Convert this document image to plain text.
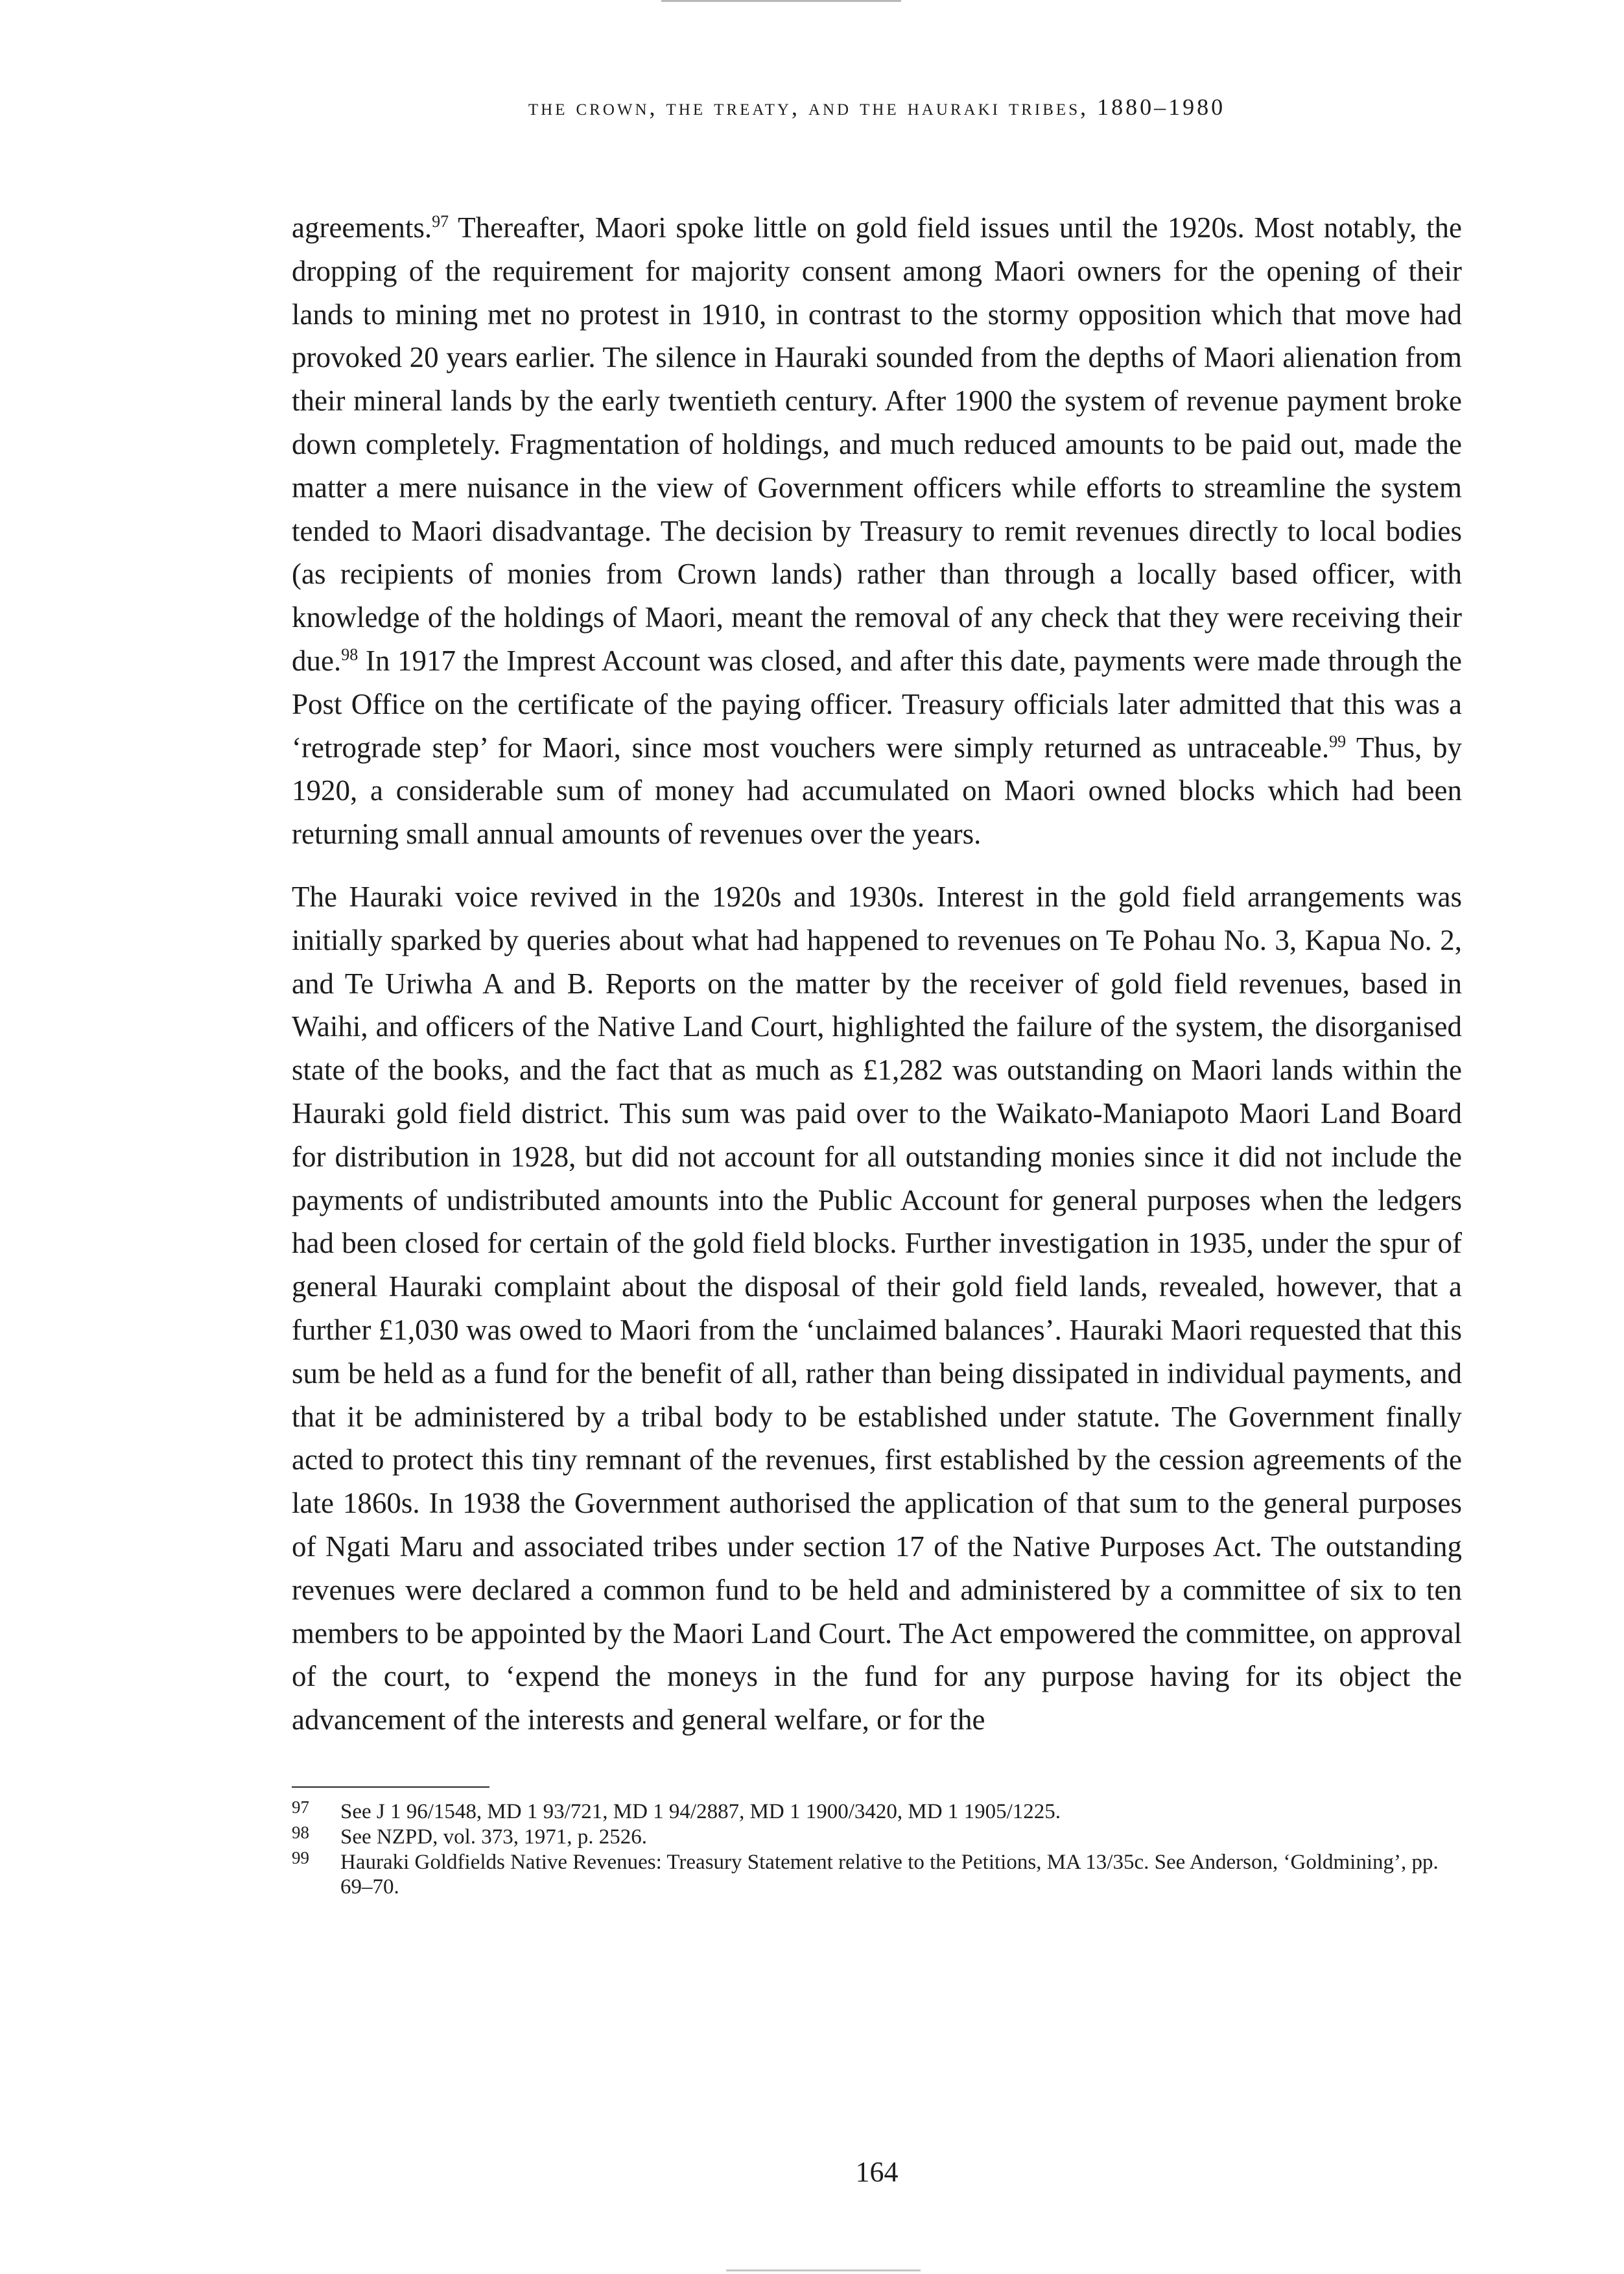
the crown, the treaty, and the hauraki tribes, 1880–1980

agreements.$^{97}$ Thereafter, Maori spoke little on gold field issues until the 1920s. Most notably, the dropping of the requirement for majority consent among Maori owners for the opening of their lands to mining met no protest in 1910, in contrast to the stormy opposition which that move had provoked 20 years earlier. The silence in Hauraki sounded from the depths of Maori alienation from their mineral lands by the early twentieth century. After 1900 the system of revenue payment broke down completely. Fragmentation of holdings, and much reduced amounts to be paid out, made the matter a mere nuisance in the view of Government officers while efforts to streamline the system tended to Maori disadvantage. The decision by Treasury to remit revenues directly to local bodies (as recipients of monies from Crown lands) rather than through a locally based officer, with knowledge of the holdings of Maori, meant the removal of any check that they were receiving their due.$^{98}$ In 1917 the Imprest Account was closed, and after this date, payments were made through the Post Office on the certificate of the paying officer. Treasury officials later admitted that this was a ‘retrograde step’ for Maori, since most vouchers were simply returned as untraceable.$^{99}$ Thus, by 1920, a considerable sum of money had accumulated on Maori owned blocks which had been returning small annual amounts of revenues over the years.

The Hauraki voice revived in the 1920s and 1930s. Interest in the gold field arrangements was initially sparked by queries about what had happened to revenues on Te Pohau No. 3, Kapua No. 2, and Te Uriwha A and B. Reports on the matter by the receiver of gold field revenues, based in Waihi, and officers of the Native Land Court, highlighted the failure of the system, the disorganised state of the books, and the fact that as much as £1,282 was outstanding on Maori lands within the Hauraki gold field district. This sum was paid over to the Waikato-Maniapoto Maori Land Board for distribution in 1928, but did not account for all outstanding monies since it did not include the payments of undistributed amounts into the Public Account for general purposes when the ledgers had been closed for certain of the gold field blocks. Further investigation in 1935, under the spur of general Hauraki complaint about the disposal of their gold field lands, revealed, however, that a further £1,030 was owed to Maori from the ‘unclaimed balances’. Hauraki Maori requested that this sum be held as a fund for the benefit of all, rather than being dissipated in individual payments, and that it be administered by a tribal body to be established under statute. The Government finally acted to protect this tiny remnant of the revenues, first established by the cession agreements of the late 1860s. In 1938 the Government authorised the application of that sum to the general purposes of Ngati Maru and associated tribes under section 17 of the Native Purposes Act. The outstanding revenues were declared a common fund to be held and administered by a committee of six to ten members to be appointed by the Maori Land Court. The Act empowered the committee, on approval of the court, to ‘expend the moneys in the fund for any purpose having for its object the advancement of the interests and general welfare, or for the

97 See J 1 96/1548, MD 1 93/721, MD 1 94/2887, MD 1 1900/3420, MD 1 1905/1225.
98 See NZPD, vol. 373, 1971, p. 2526.
99 Hauraki Goldfields Native Revenues: Treasury Statement relative to the Petitions, MA 13/35c. See Anderson, ‘Goldmining’, pp. 69–70.
164
